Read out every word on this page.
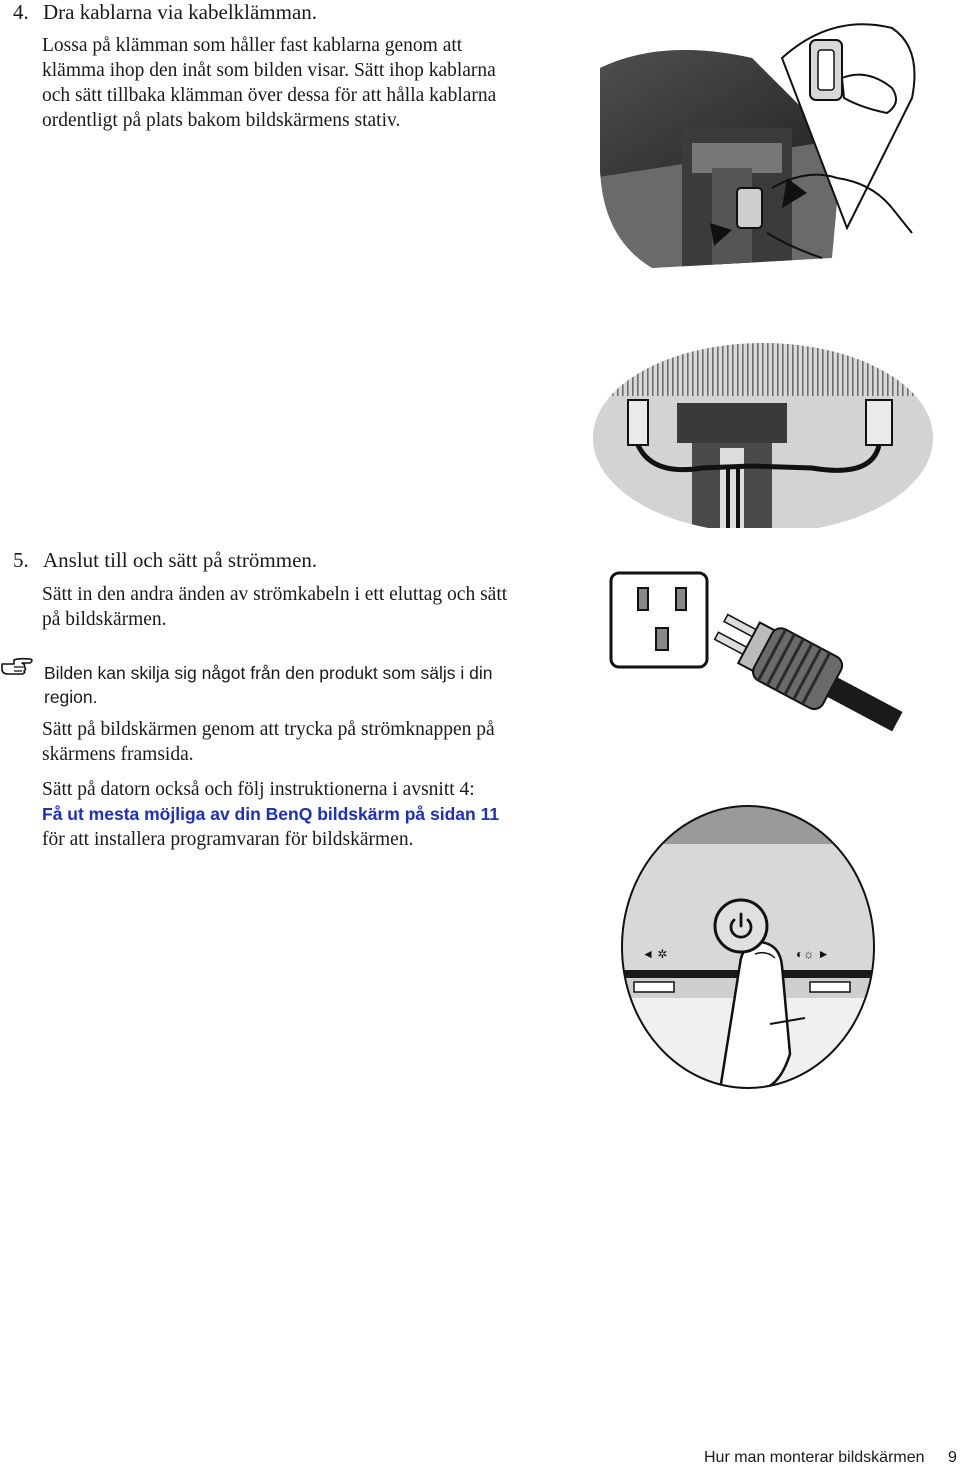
4. Dra kablarna via kabelklämman.

Lossa på klämman som håller fast kablarna genom att

klämma ihop den inåt som bilden visar. Sätt ihop kablarna

och sätt tillbaka klämman över dessa för att hålla kablarna

ordentligt på plats bakom bildskärmens stativ.

5. Anslut till och sätt på strömmen.

Sätt in den andra änden av strömkabeln i ett eluttag och sätt

på bildskärmen.

Bilden kan skilja sig något från den produkt som säljs i din
region.

Sätt på bildskärmen genom att trycka på strömknappen på

skärmens framsida.

Sätt på datorn också och följ instruktionerna i avsnitt 4:

Få ut mesta möjliga av din BenQ bildskärm på sidan 11

för att installera programvaran för bildskärmen.

◄ ✲	◐☼ ►
Hur man monterar bildskärmen 9
